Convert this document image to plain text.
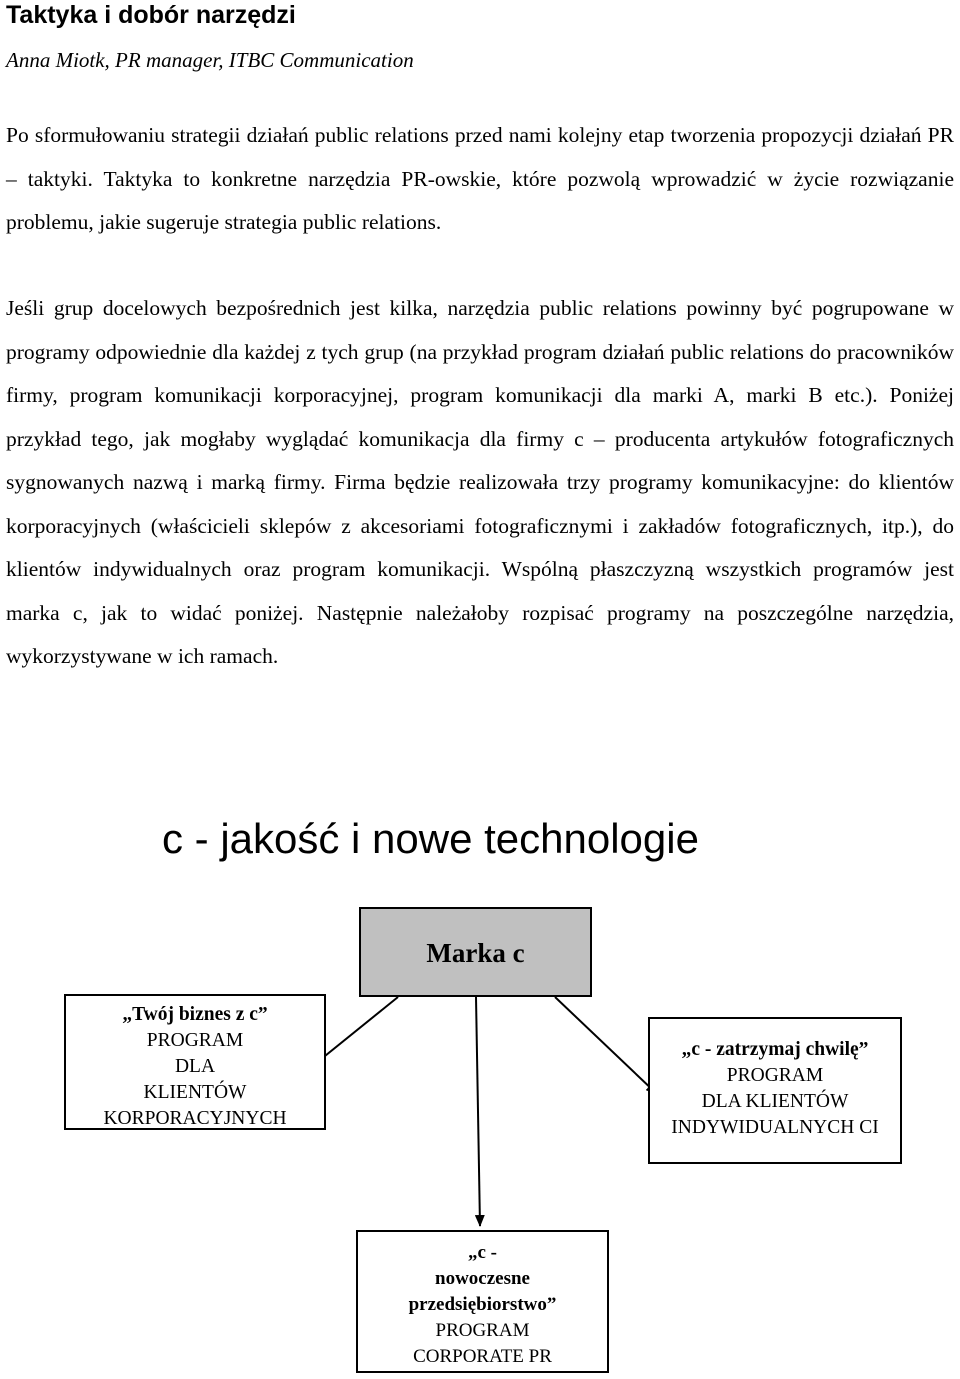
Taktyka i dobór narzędzi

Anna Miotk, PR manager, ITBC Communication

Po sformułowaniu strategii działań public relations przed nami kolejny etap tworzenia propozycji działań PR – taktyki. Taktyka to konkretne narzędzia PR-owskie, które pozwolą wprowadzić w życie rozwiązanie problemu, jakie sugeruje strategia public relations.

Jeśli grup docelowych bezpośrednich jest kilka, narzędzia public relations powinny być pogrupowane w programy odpowiednie dla każdej z tych grup (na przykład program działań public relations do pracowników firmy, program komunikacji korporacyjnej, program komunikacji dla marki A, marki B etc.). Poniżej przykład tego, jak mogłaby wyglądać komunikacja dla firmy c – producenta artykułów fotograficznych sygnowanych nazwą i marką firmy. Firma będzie realizowała trzy programy komunikacyjne: do klientów korporacyjnych (właścicieli sklepów z akcesoriami fotograficznymi i zakładów fotograficznych, itp.), do klientów indywidualnych oraz program komunikacji. Wspólną płaszczyzną wszystkich programów jest marka c, jak to widać poniżej. Następnie należałoby rozpisać programy na poszczególne narzędzia, wykorzystywane w ich ramach.

c - jakość i nowe technologie
Marka c
„Twój biznes z c”
PROGRAM
DLA
KLIENTÓW
KORPORACYJNYCH
„c - zatrzymaj chwilę”
PROGRAM
DLA KLIENTÓW
INDYWIDUALNYCH CI
„c -
nowoczesne
przedsiębiorstwo”
PROGRAM
CORPORATE PR
